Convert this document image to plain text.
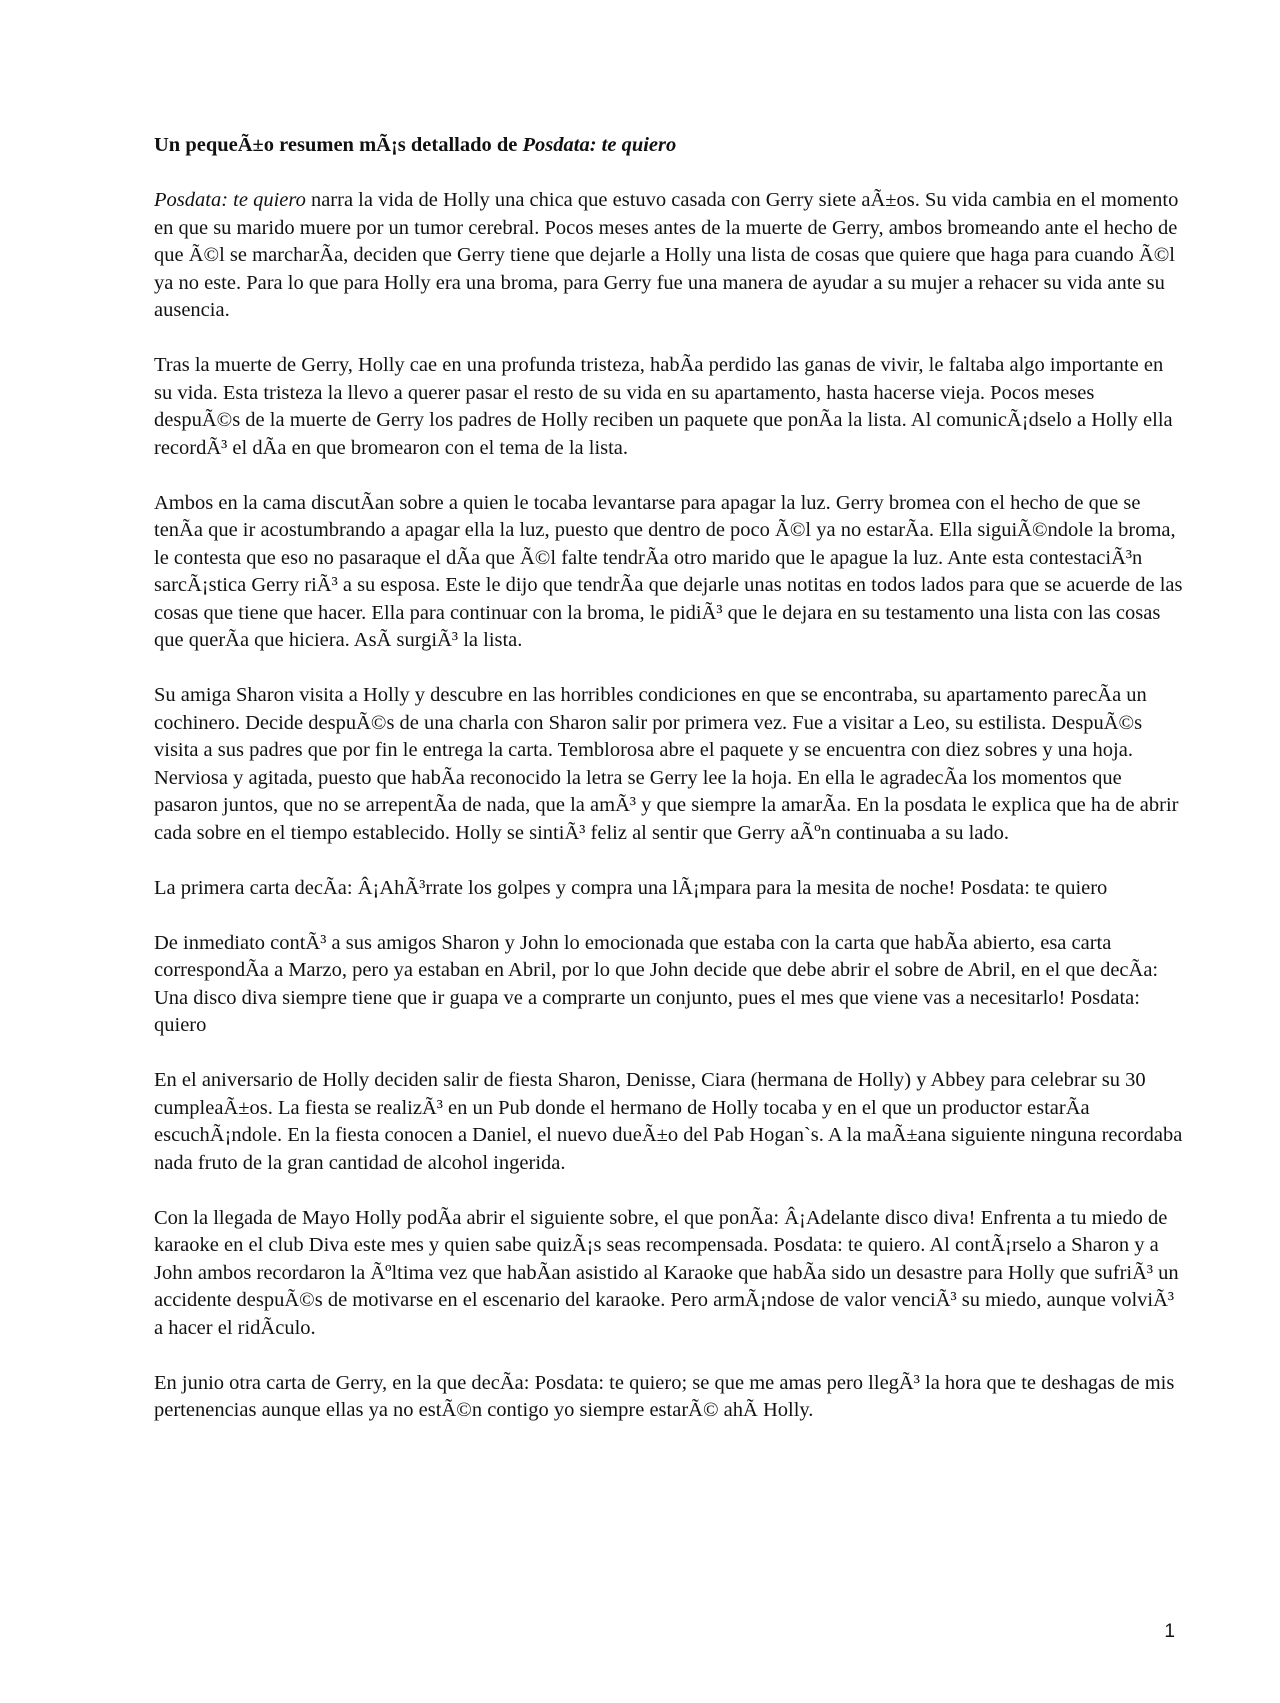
Un pequeÃ±o resumen mÃ¡s detallado de Posdata: te quiero

Posdata: te quiero narra la vida de Holly una chica que estuvo casada con Gerry siete aÃ±os. Su vida cambia en el momento en que su marido muere por un tumor cerebral. Pocos meses antes de la muerte de Gerry, ambos bromeando ante el hecho de que Ã©l se marcharÃa, deciden que Gerry tiene que dejarle a Holly una lista de cosas que quiere que haga para cuando Ã©l ya no este. Para lo que para Holly era una broma, para Gerry fue una manera de ayudar a su mujer a rehacer su vida ante su ausencia.

Tras la muerte de Gerry, Holly cae en una profunda tristeza, habÃa perdido las ganas de vivir, le faltaba algo importante en su vida. Esta tristeza la llevo a querer pasar el resto de su vida en su apartamento, hasta hacerse vieja. Pocos meses despuÃ©s de la muerte de Gerry los padres de Holly reciben un paquete que ponÃa la lista. Al comunicÃ¡dselo a Holly ella recordÃ³ el dÃa en que bromearon con el tema de la lista.

Ambos en la cama discutÃan sobre a quien le tocaba levantarse para apagar la luz. Gerry bromea con el hecho de que se tenÃa que ir acostumbrando a apagar ella la luz, puesto que dentro de poco Ã©l ya no estarÃa. Ella siguiÃ©ndole la broma, le contesta que eso no pasaraque el dÃa que Ã©l falte tendrÃa otro marido que le apague la luz. Ante esta contestaciÃ³n sarcÃ¡stica Gerry riÃ³ a su esposa. Este le dijo que tendrÃa que dejarle unas notitas en todos lados para que se acuerde de las cosas que tiene que hacer. Ella para continuar con la broma, le pidiÃ³ que le dejara en su testamento una lista con las cosas que querÃa que hiciera. AsÃ surgiÃ³ la lista.

Su amiga Sharon visita a Holly y descubre en las horribles condiciones en que se encontraba, su apartamento parecÃa un cochinero. Decide despuÃ©s de una charla con Sharon salir por primera vez. Fue a visitar a Leo, su estilista. DespuÃ©s visita a sus padres que por fin le entrega la carta. Temblorosa abre el paquete y se encuentra con diez sobres y una hoja. Nerviosa y agitada, puesto que habÃa reconocido la letra se Gerry lee la hoja. En ella le agradecÃa los momentos que pasaron juntos, que no se arrepentÃa de nada, que la amÃ³ y que siempre la amarÃa. En la posdata le explica que ha de abrir cada sobre en el tiempo establecido. Holly se sintiÃ³ feliz al sentir que Gerry aÃºn continuaba a su lado.

La primera carta decÃa: Â¡AhÃ³rrate los golpes y compra una lÃ¡mpara para la mesita de noche! Posdata: te quiero

De inmediato contÃ³ a sus amigos Sharon y John lo emocionada que estaba con la carta que habÃa abierto, esa carta correspondÃa a Marzo, pero ya estaban en Abril, por lo que John decide que debe abrir el sobre de Abril, en el que decÃa: Una disco diva siempre tiene que ir guapa ve a comprarte un conjunto, pues el mes que viene vas a necesitarlo! Posdata: quiero

En el aniversario de Holly deciden salir de fiesta Sharon, Denisse, Ciara (hermana de Holly) y Abbey para celebrar su 30 cumpleaÃ±os. La fiesta se realizÃ³ en un Pub donde el hermano de Holly tocaba y en el que un productor estarÃa escuchÃ¡ndole. En la fiesta conocen a Daniel, el nuevo dueÃ±o del Pab Hogan`s. A la maÃ±ana siguiente ninguna recordaba nada fruto de la gran cantidad de alcohol ingerida.

Con la llegada de Mayo Holly podÃa abrir el siguiente sobre, el que ponÃa: Â¡Adelante disco diva! Enfrenta a tu miedo de karaoke en el club Diva este mes y quien sabe quizÃ¡s seas recompensada. Posdata: te quiero. Al contÃ¡rselo a Sharon y a John ambos recordaron la Ãºltima vez que habÃan asistido al Karaoke que habÃa sido un desastre para Holly que sufriÃ³ un accidente despuÃ©s de motivarse en el escenario del karaoke. Pero armÃ¡ndose de valor venciÃ³ su miedo, aunque volviÃ³ a hacer el ridÃculo.

En junio otra carta de Gerry, en la que decÃa: Posdata: te quiero; se que me amas pero llegÃ³ la hora que te deshagas de mis pertenencias aunque ellas ya no estÃ©n contigo yo siempre estarÃ© ahÃ Holly.

1
